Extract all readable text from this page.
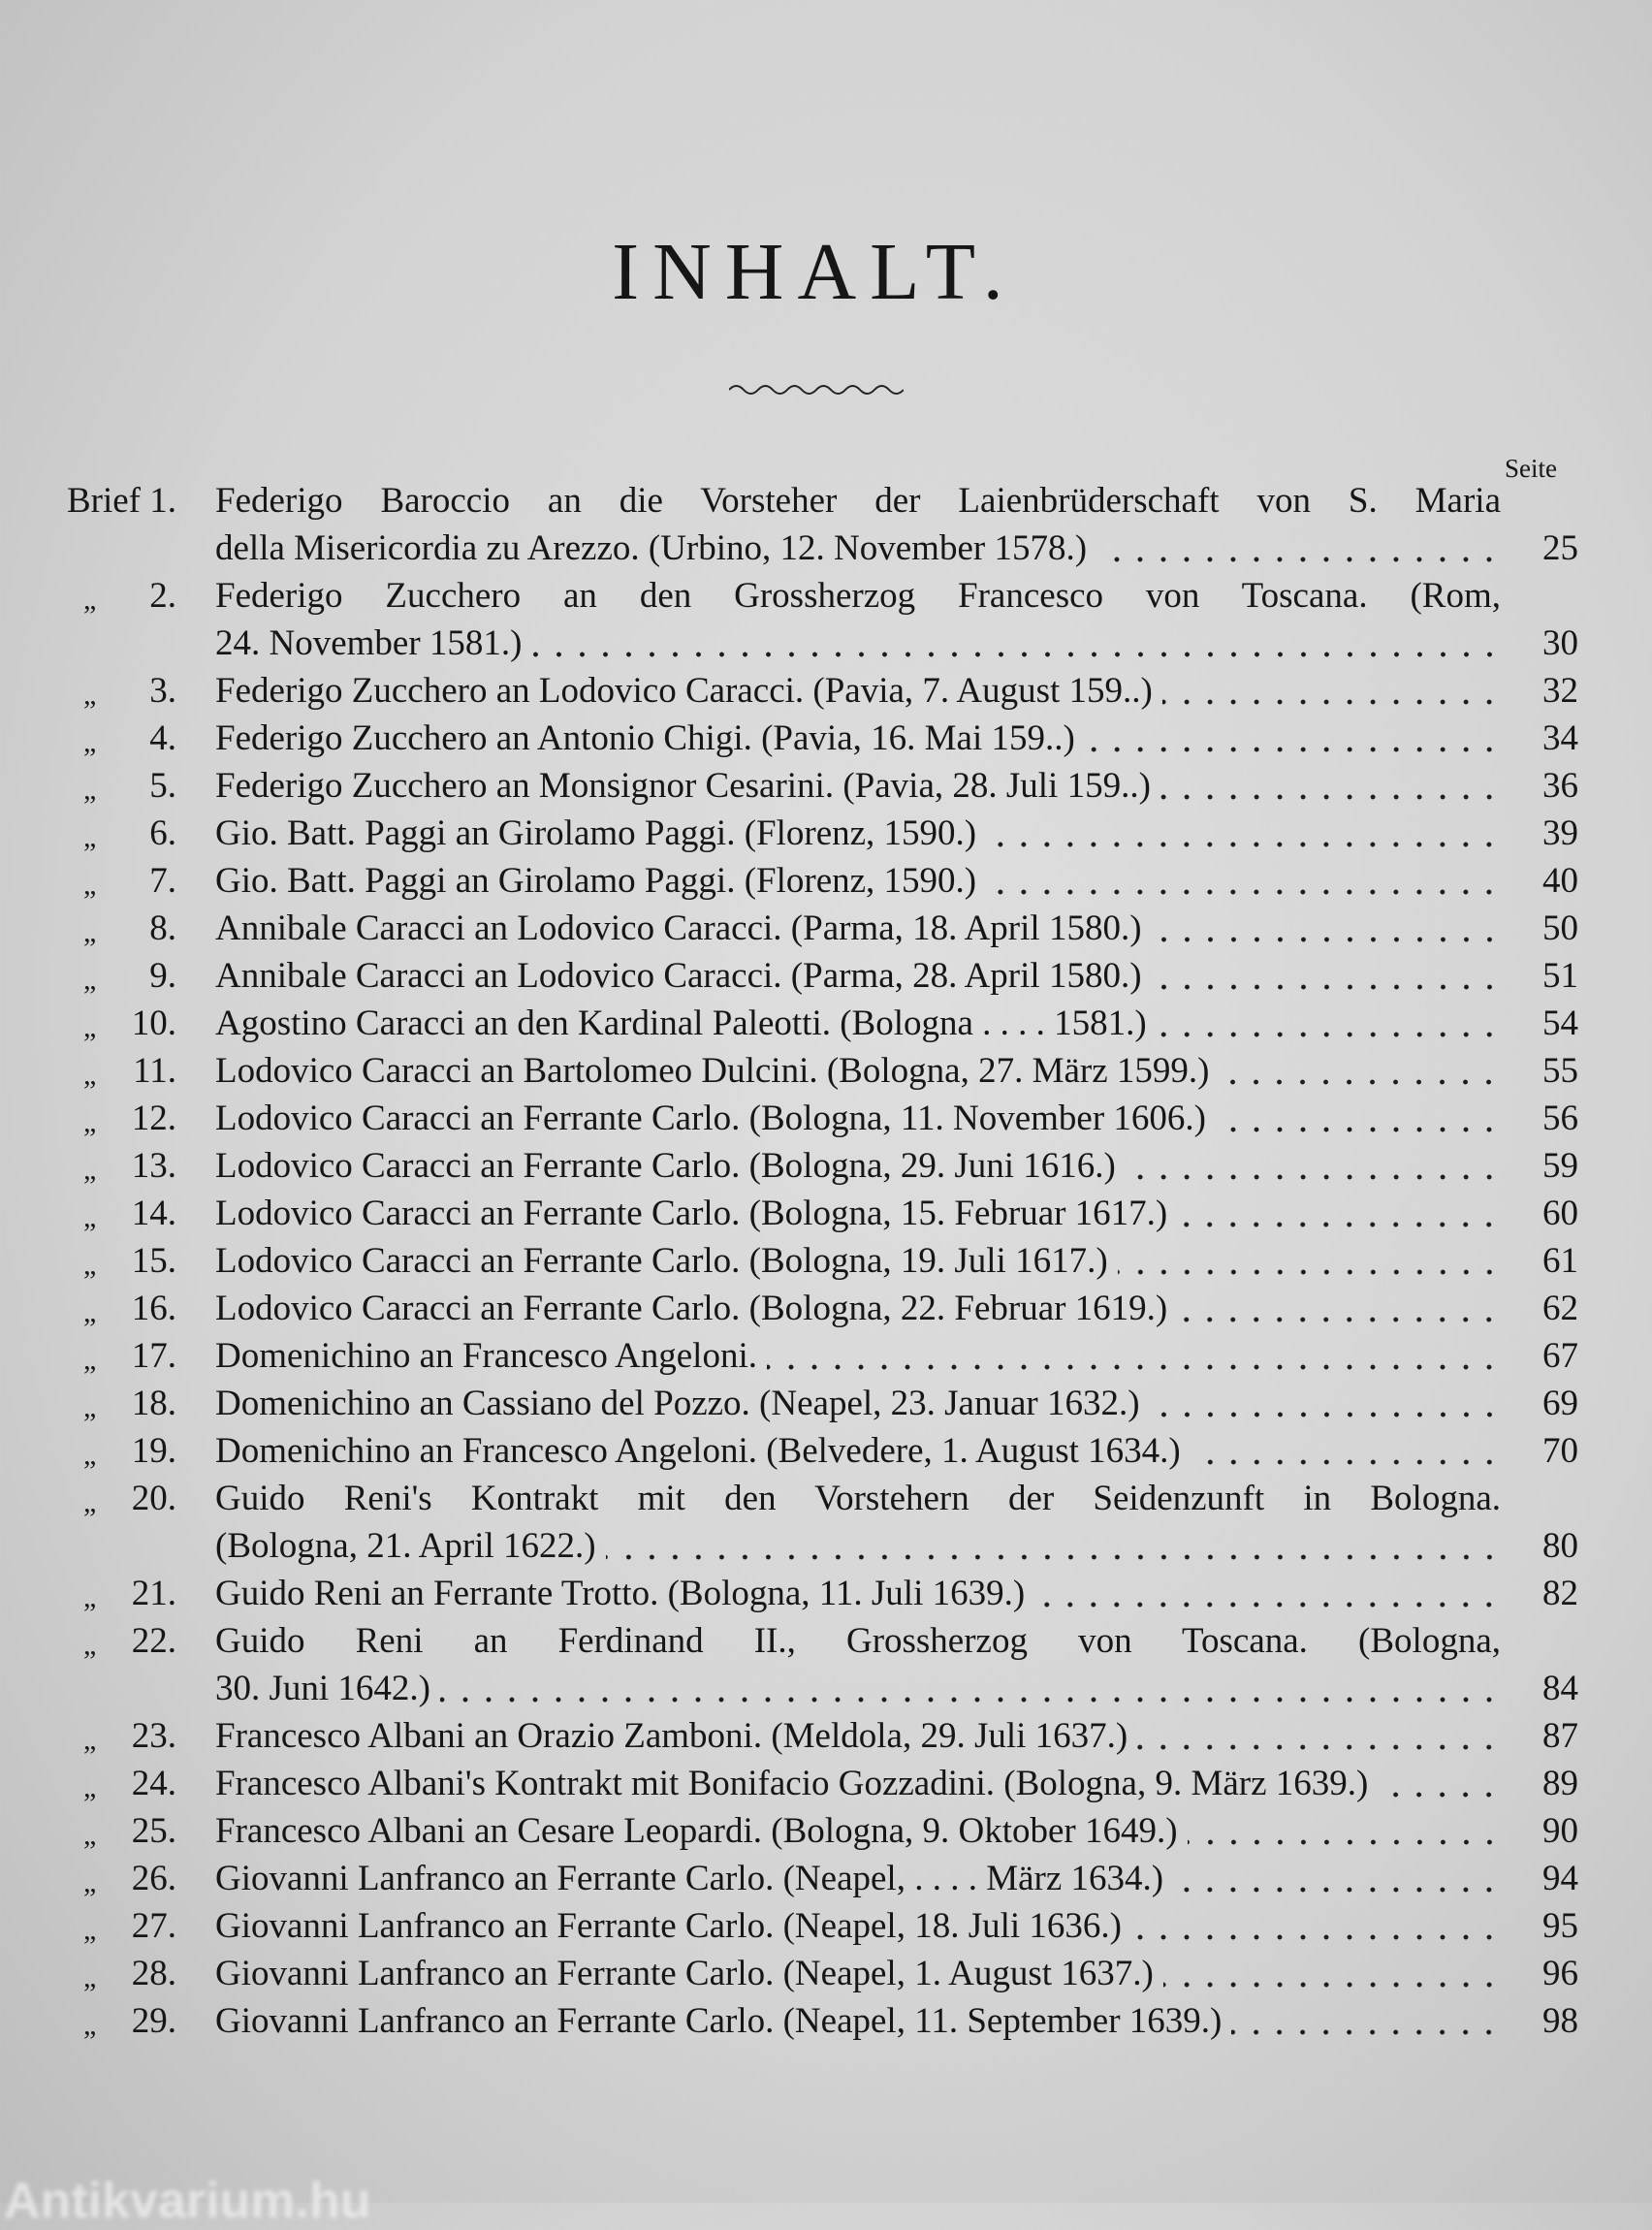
INHALT.
Seite
Brief 1. Federigo Baroccio an die Vorsteher der Laienbrüderschaft von S. Maria
della Misericordia zu Arezzo. (Urbino, 12. November 1578.)	25
„ 2. Federigo Zucchero an den Grossherzog Francesco von Toscana. (Rom,
24. November 1581.)	30
„ 3. Federigo Zucchero an Lodovico Caracci. (Pavia, 7. August 159..)	32
„ 4. Federigo Zucchero an Antonio Chigi. (Pavia, 16. Mai 159..)	34
„ 5. Federigo Zucchero an Monsignor Cesarini. (Pavia, 28. Juli 159..)	36
„ 6. Gio. Batt. Paggi an Girolamo Paggi. (Florenz, 1590.)	39
„ 7. Gio. Batt. Paggi an Girolamo Paggi. (Florenz, 1590.)	40
„ 8. Annibale Caracci an Lodovico Caracci. (Parma, 18. April 1580.)	50
„ 9. Annibale Caracci an Lodovico Caracci. (Parma, 28. April 1580.)	51
„ 10. Agostino Caracci an den Kardinal Paleotti. (Bologna . . . . 1581.)	54
„ 11. Lodovico Caracci an Bartolomeo Dulcini. (Bologna, 27. März 1599.)	55
„ 12. Lodovico Caracci an Ferrante Carlo. (Bologna, 11. November 1606.)	56
„ 13. Lodovico Caracci an Ferrante Carlo. (Bologna, 29. Juni 1616.)	59
„ 14. Lodovico Caracci an Ferrante Carlo. (Bologna, 15. Februar 1617.)	60
„ 15. Lodovico Caracci an Ferrante Carlo. (Bologna, 19. Juli 1617.)	61
„ 16. Lodovico Caracci an Ferrante Carlo. (Bologna, 22. Februar 1619.)	62
„ 17. Domenichino an Francesco Angeloni.	67
„ 18. Domenichino an Cassiano del Pozzo. (Neapel, 23. Januar 1632.)	69
„ 19. Domenichino an Francesco Angeloni. (Belvedere, 1. August 1634.)	70
„ 20. Guido Reni's Kontrakt mit den Vorstehern der Seidenzunft in Bologna.
(Bologna, 21. April 1622.)	80
„ 21. Guido Reni an Ferrante Trotto. (Bologna, 11. Juli 1639.)	82
„ 22. Guido Reni an Ferdinand II., Grossherzog von Toscana. (Bologna,
30. Juni 1642.)	84
„ 23. Francesco Albani an Orazio Zamboni. (Meldola, 29. Juli 1637.)	87
„ 24. Francesco Albani's Kontrakt mit Bonifacio Gozzadini. (Bologna, 9. März 1639.)	89
„ 25. Francesco Albani an Cesare Leopardi. (Bologna, 9. Oktober 1649.)	90
„ 26. Giovanni Lanfranco an Ferrante Carlo. (Neapel, . . . . März 1634.)	94
„ 27. Giovanni Lanfranco an Ferrante Carlo. (Neapel, 18. Juli 1636.)	95
„ 28. Giovanni Lanfranco an Ferrante Carlo. (Neapel, 1. August 1637.)	96
„ 29. Giovanni Lanfranco an Ferrante Carlo. (Neapel, 11. September 1639.)	98
Antikvarium.hu
